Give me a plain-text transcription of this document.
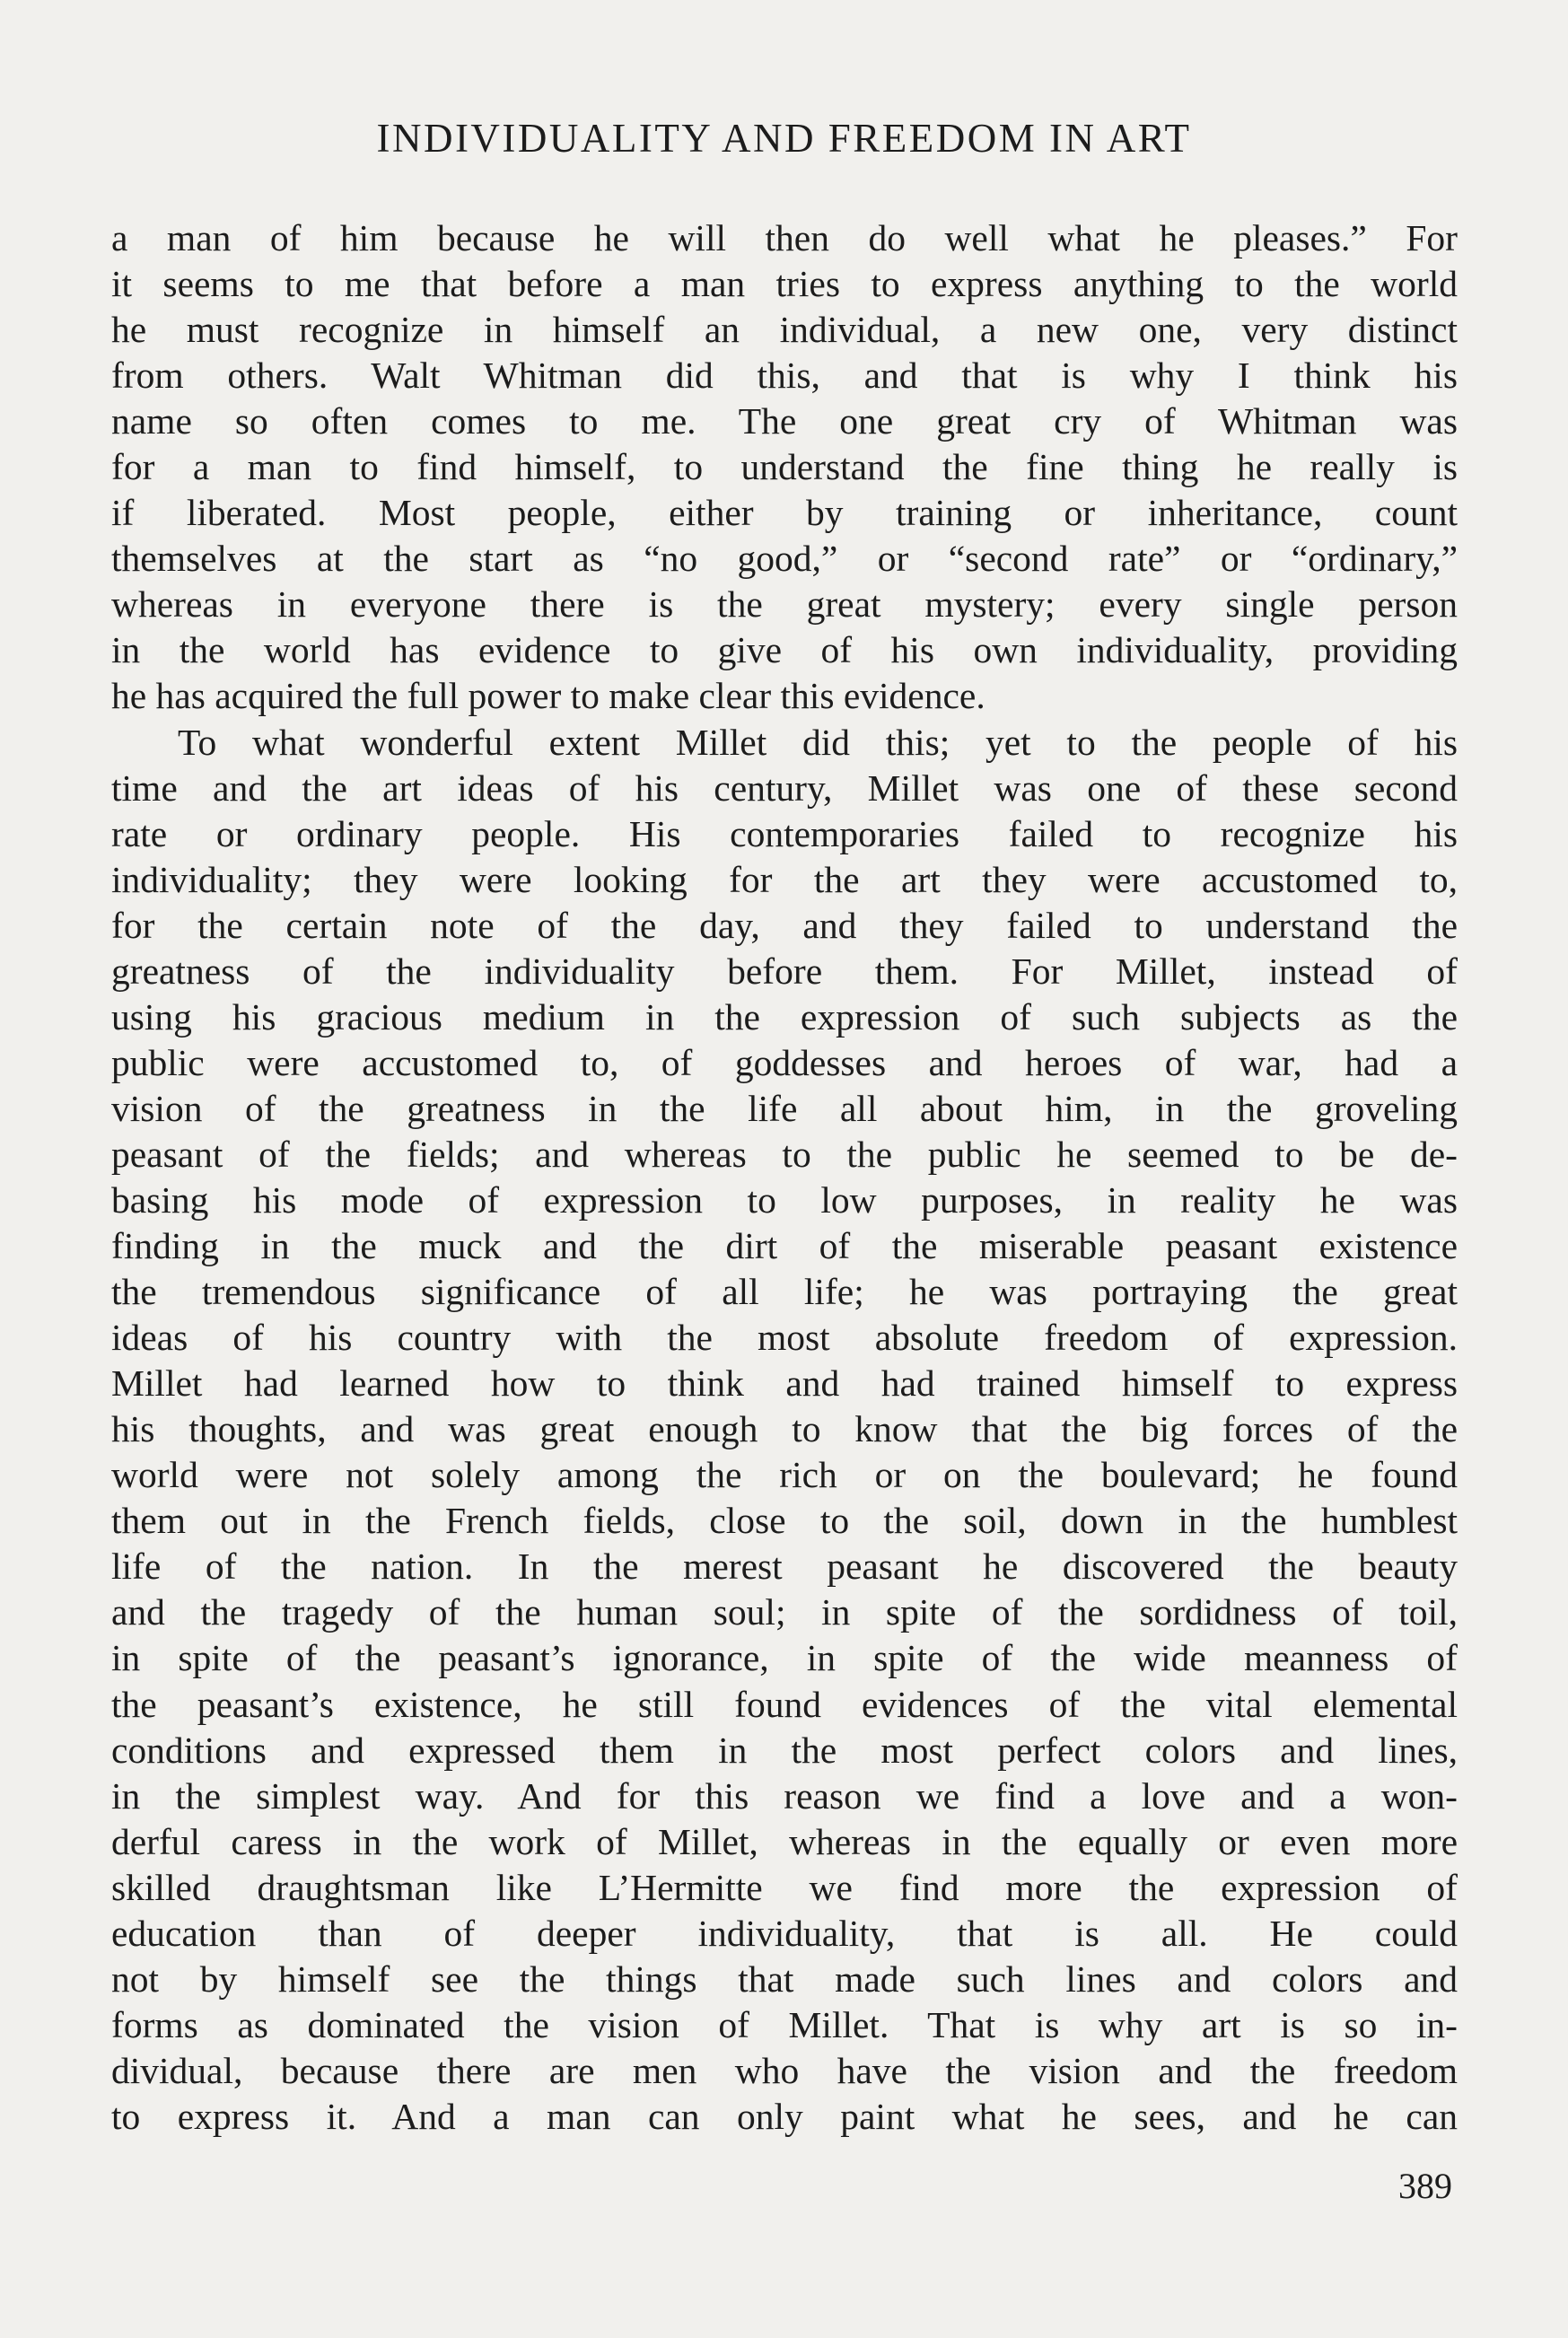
INDIVIDUALITY AND FREEDOM IN ART
a man of him because he will then do well what he pleases.” For
it seems to me that before a man tries to express anything to the world
he must recognize in himself an individual, a new one, very distinct
from others. Walt Whitman did this, and that is why I think his
name so often comes to me. The one great cry of Whitman was
for a man to find himself, to understand the fine thing he really is
if liberated. Most people, either by training or inheritance, count
themselves at the start as “no good,” or “second rate” or “ordinary,”
whereas in everyone there is the great mystery; every single person
in the world has evidence to give of his own individuality, providing
he has acquired the full power to make clear this evidence.
To what wonderful extent Millet did this; yet to the people of his
time and the art ideas of his century, Millet was one of these second
rate or ordinary people. His contemporaries failed to recognize his
individuality; they were looking for the art they were accustomed to,
for the certain note of the day, and they failed to understand the
greatness of the individuality before them. For Millet, instead of
using his gracious medium in the expression of such subjects as the
public were accustomed to, of goddesses and heroes of war, had a
vision of the greatness in the life all about him, in the groveling
peasant of the fields; and whereas to the public he seemed to be de-
basing his mode of expression to low purposes, in reality he was
finding in the muck and the dirt of the miserable peasant existence
the tremendous significance of all life; he was portraying the great
ideas of his country with the most absolute freedom of expression.
Millet had learned how to think and had trained himself to express
his thoughts, and was great enough to know that the big forces of the
world were not solely among the rich or on the boulevard; he found
them out in the French fields, close to the soil, down in the humblest
life of the nation. In the merest peasant he discovered the beauty
and the tragedy of the human soul; in spite of the sordidness of toil,
in spite of the peasant’s ignorance, in spite of the wide meanness of
the peasant’s existence, he still found evidences of the vital elemental
conditions and expressed them in the most perfect colors and lines,
in the simplest way. And for this reason we find a love and a won-
derful caress in the work of Millet, whereas in the equally or even more
skilled draughtsman like L’Hermitte we find more the expression of
education than of deeper individuality, that is all. He could
not by himself see the things that made such lines and colors and
forms as dominated the vision of Millet. That is why art is so in-
dividual, because there are men who have the vision and the freedom
to express it. And a man can only paint what he sees, and he can
389
